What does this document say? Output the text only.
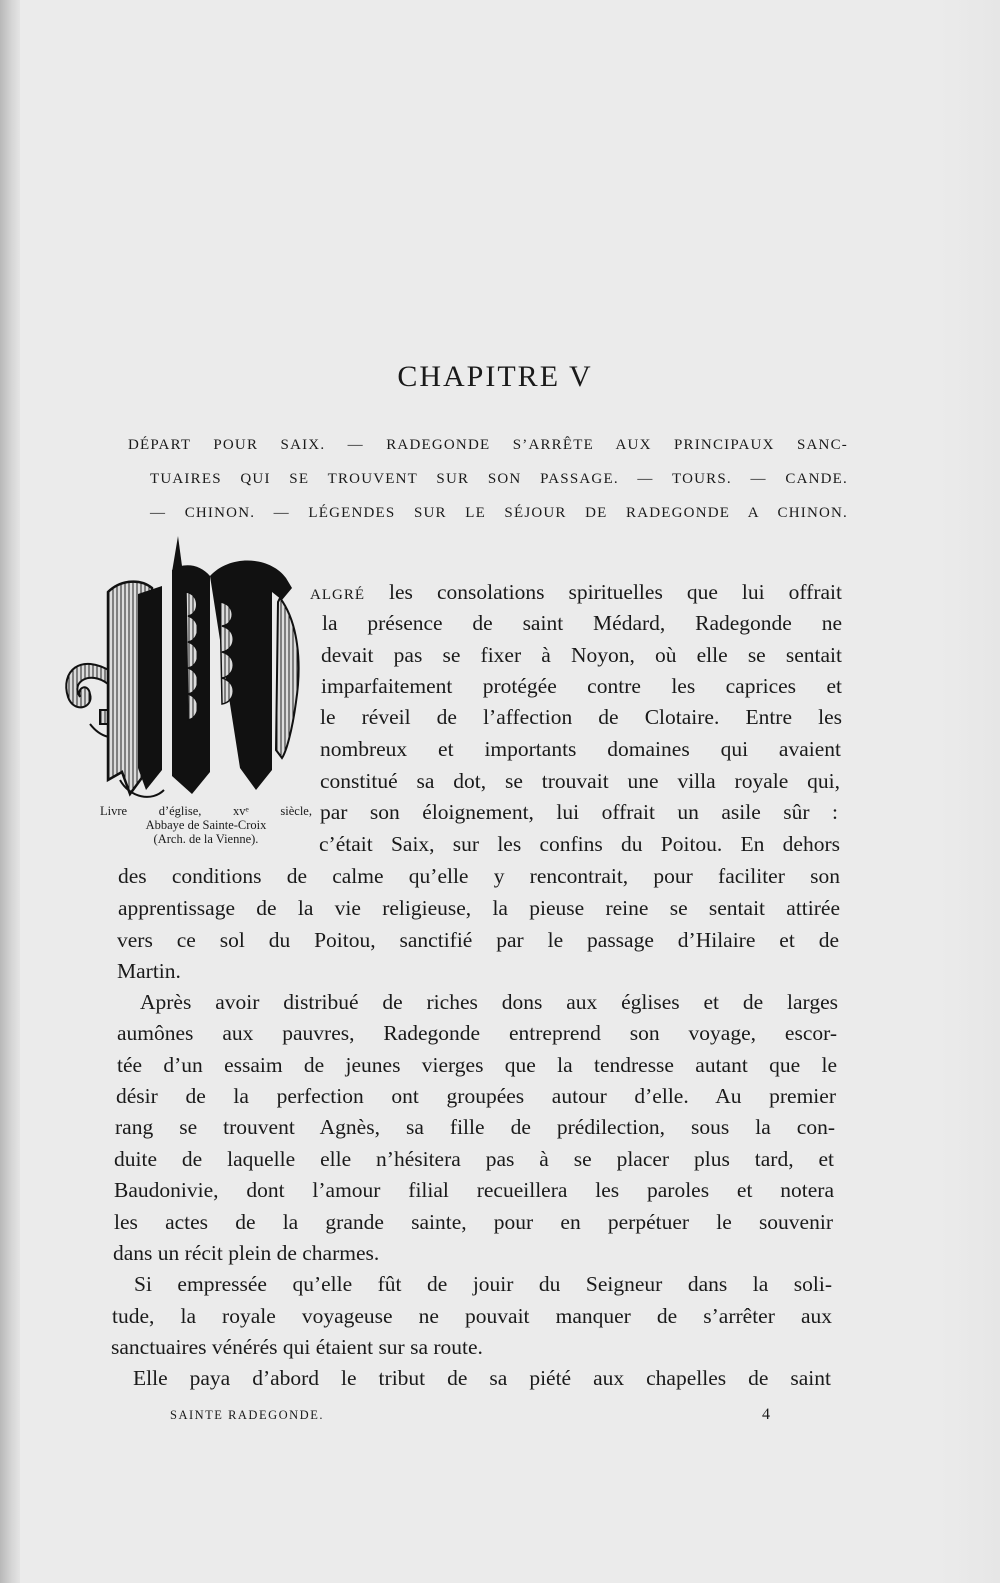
CHAPITRE V
DÉPART POUR SAIX. — RADEGONDE S’ARRÊTE AUX PRINCIPAUX SANC-
TUAIRES QUI SE TROUVENT SUR SON PASSAGE. — TOURS. — CANDE.
— CHINON. — LÉGENDES SUR LE SÉJOUR DE RADEGONDE A CHINON.
Livre d’église, xvᵉ siècle,
Abbaye de Sainte-Croix
(Arch. de la Vienne).
algré les consolations spirituelles que lui offrait
la présence de saint Médard, Radegonde ne
devait pas se fixer à Noyon, où elle se sentait
imparfaitement protégée contre les caprices et
le réveil de l’affection de Clotaire. Entre les
nombreux et importants domaines qui avaient
constitué sa dot, se trouvait une villa royale qui,
par son éloignement, lui offrait un asile sûr :
c’était Saix, sur les confins du Poitou. En dehors
des conditions de calme qu’elle y rencontrait, pour faciliter son
apprentissage de la vie religieuse, la pieuse reine se sentait attirée
vers ce sol du Poitou, sanctifié par le passage d’Hilaire et de
Martin.
Après avoir distribué de riches dons aux églises et de larges
aumônes aux pauvres, Radegonde entreprend son voyage, escor-
tée d’un essaim de jeunes vierges que la tendresse autant que le
désir de la perfection ont groupées autour d’elle. Au premier
rang se trouvent Agnès, sa fille de prédilection, sous la con-
duite de laquelle elle n’hésitera pas à se placer plus tard, et
Baudonivie, dont l’amour filial recueillera les paroles et notera
les actes de la grande sainte, pour en perpétuer le souvenir
dans un récit plein de charmes.
Si empressée qu’elle fût de jouir du Seigneur dans la soli-
tude, la royale voyageuse ne pouvait manquer de s’arrêter aux
sanctuaires vénérés qui étaient sur sa route.
Elle paya d’abord le tribut de sa piété aux chapelles de saint
SAINTE RADEGONDE.	4
